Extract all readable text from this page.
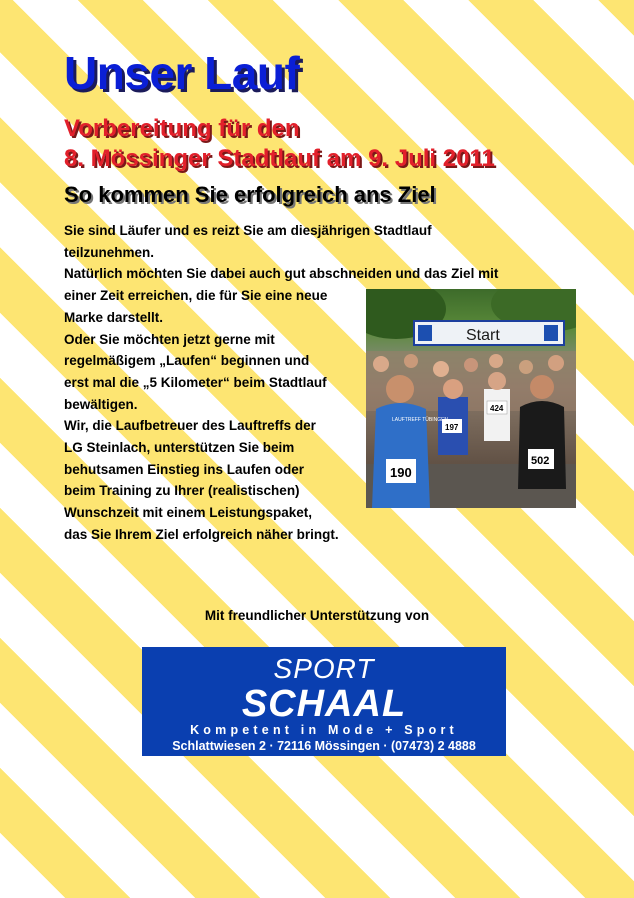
Unser Lauf
Vorbereitung für den
8. Mössinger Stadtlauf am 9. Juli 2011
So kommen Sie erfolgreich ans Ziel
Sie sind Läufer und es reizt Sie am diesjährigen Stadtlauf
teilzunehmen.
Natürlich möchten Sie dabei auch gut abschneiden und das Ziel mit
einer Zeit erreichen, die für Sie eine neue
Marke darstellt.
Oder Sie möchten jetzt gerne mit
regelmäßigem „Laufen“ beginnen und
erst mal die „5 Kilometer“ beim Stadtlauf
bewältigen.
Wir, die Laufbetreuer des Lauftreffs der
LG Steinlach, unterstützen Sie beim
behutsamen Einstieg ins Laufen oder
beim Training zu Ihrer (realistischen)
Wunschzeit mit einem Leistungspaket,
das Sie Ihrem Ziel erfolgreich näher bringt.
Start
197
424
190
LAUFTREFF TÜBINGEN
502
Mit freundlicher Unterstützung von
SPORT
SCHAAL
Kompetent in Mode + Sport
Schlattwiesen 2 · 72116 Mössingen · (07473) 2 4888
